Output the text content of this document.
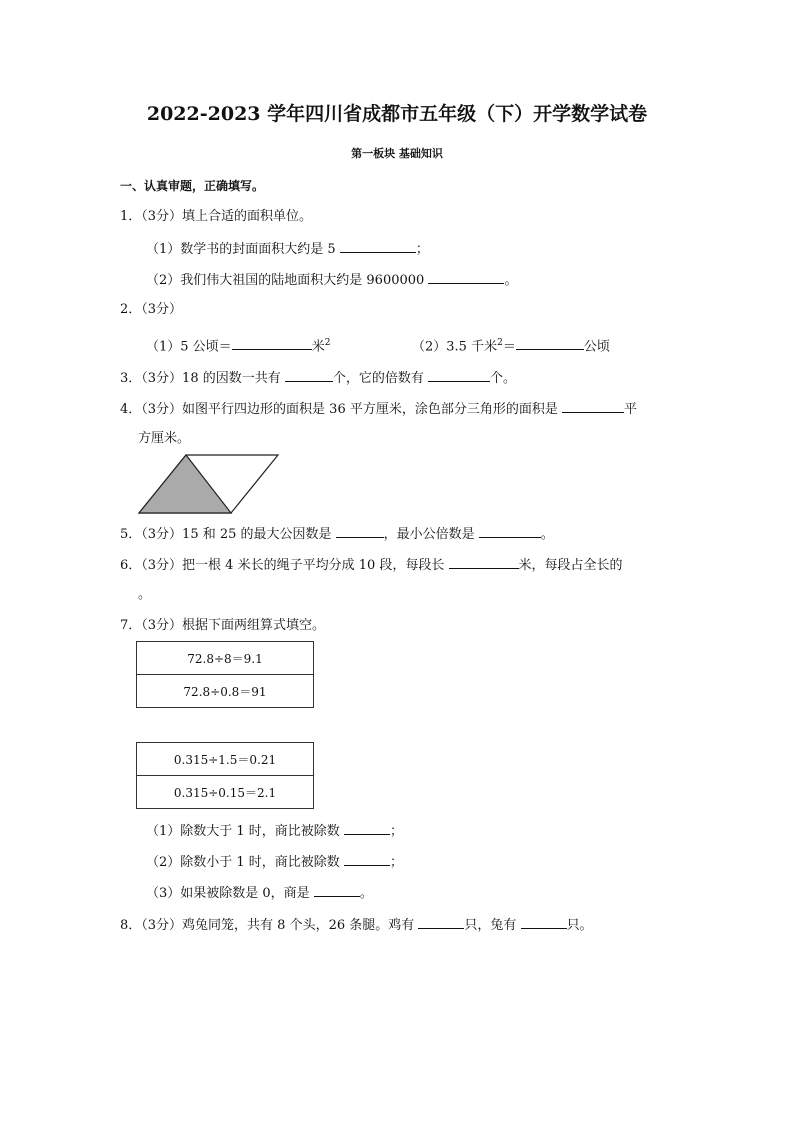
2022-2023 学年四川省成都市五年级（下）开学数学试卷
第一板块 基础知识
一、认真审题，正确填写。
1．（3分）填上合适的面积单位。
（1）数学书的封面面积大约是 5	；
（2）我们伟大祖国的陆地面积大约是 9600000	。
2．（3分）
（1）5 公顷＝	米$^2$	（2）3.5 千米$^2$＝	公顷
3．（3分）18 的因数一共有	个，它的倍数有	个。
4．（3分）如图平行四边形的面积是 36 平方厘米，涂色部分三角形的面积是	平
方厘米。
5．（3分）15 和 25 的最大公因数是	，最小公倍数是	。
6．（3分）把一根 4 米长的绳子平均分成 10 段，每段长	米，每段占全长的
。
7．（3分）根据下面两组算式填空。
72.8÷8＝9.1
72.8÷0.8＝91
0.315÷1.5＝0.21
0.315÷0.15＝2.1
（1）除数大于 1 时，商比被除数	；
（2）除数小于 1 时，商比被除数	；
（3）如果被除数是 0，商是	。
8．（3分）鸡兔同笼，共有 8 个头，26 条腿。鸡有	只，兔有	只。
